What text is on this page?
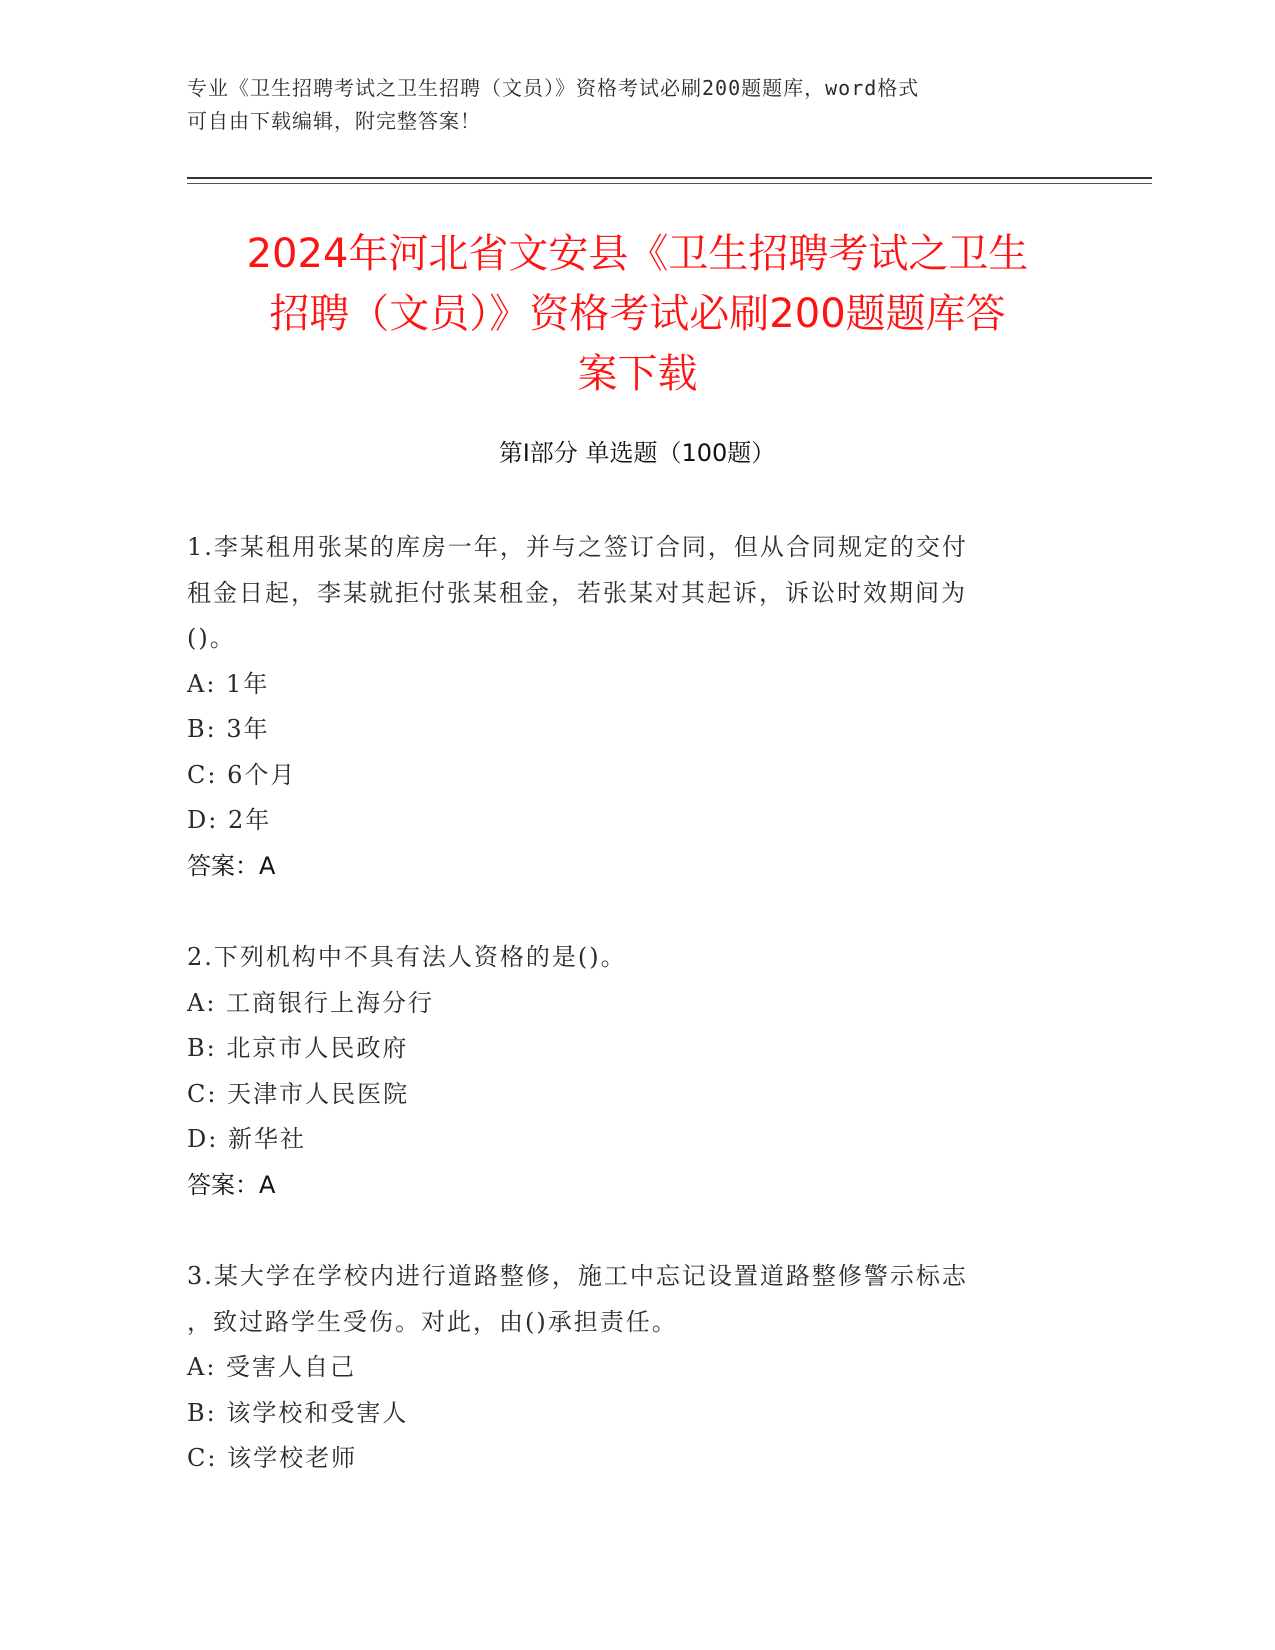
专业《卫生招聘考试之卫生招聘（文员）》资格考试必刷200题题库，word格式
可自由下载编辑，附完整答案！
2024年河北省文安县《卫生招聘考试之卫生
招聘（文员）》资格考试必刷200题题库答
案下载
第Ⅰ部分 单选题（100题）
1.李某租用张某的库房一年，并与之签订合同，但从合同规定的交付
租金日起，李某就拒付张某租金，若张某对其起诉，诉讼时效期间为
()。
A: 1年
B: 3年
C: 6个月
D: 2年
答案：A
2.下列机构中不具有法人资格的是()。
A: 工商银行上海分行
B: 北京市人民政府
C: 天津市人民医院
D: 新华社
答案：A
3.某大学在学校内进行道路整修，施工中忘记设置道路整修警示标志
，致过路学生受伤。对此，由()承担责任。
A: 受害人自己
B: 该学校和受害人
C: 该学校老师
